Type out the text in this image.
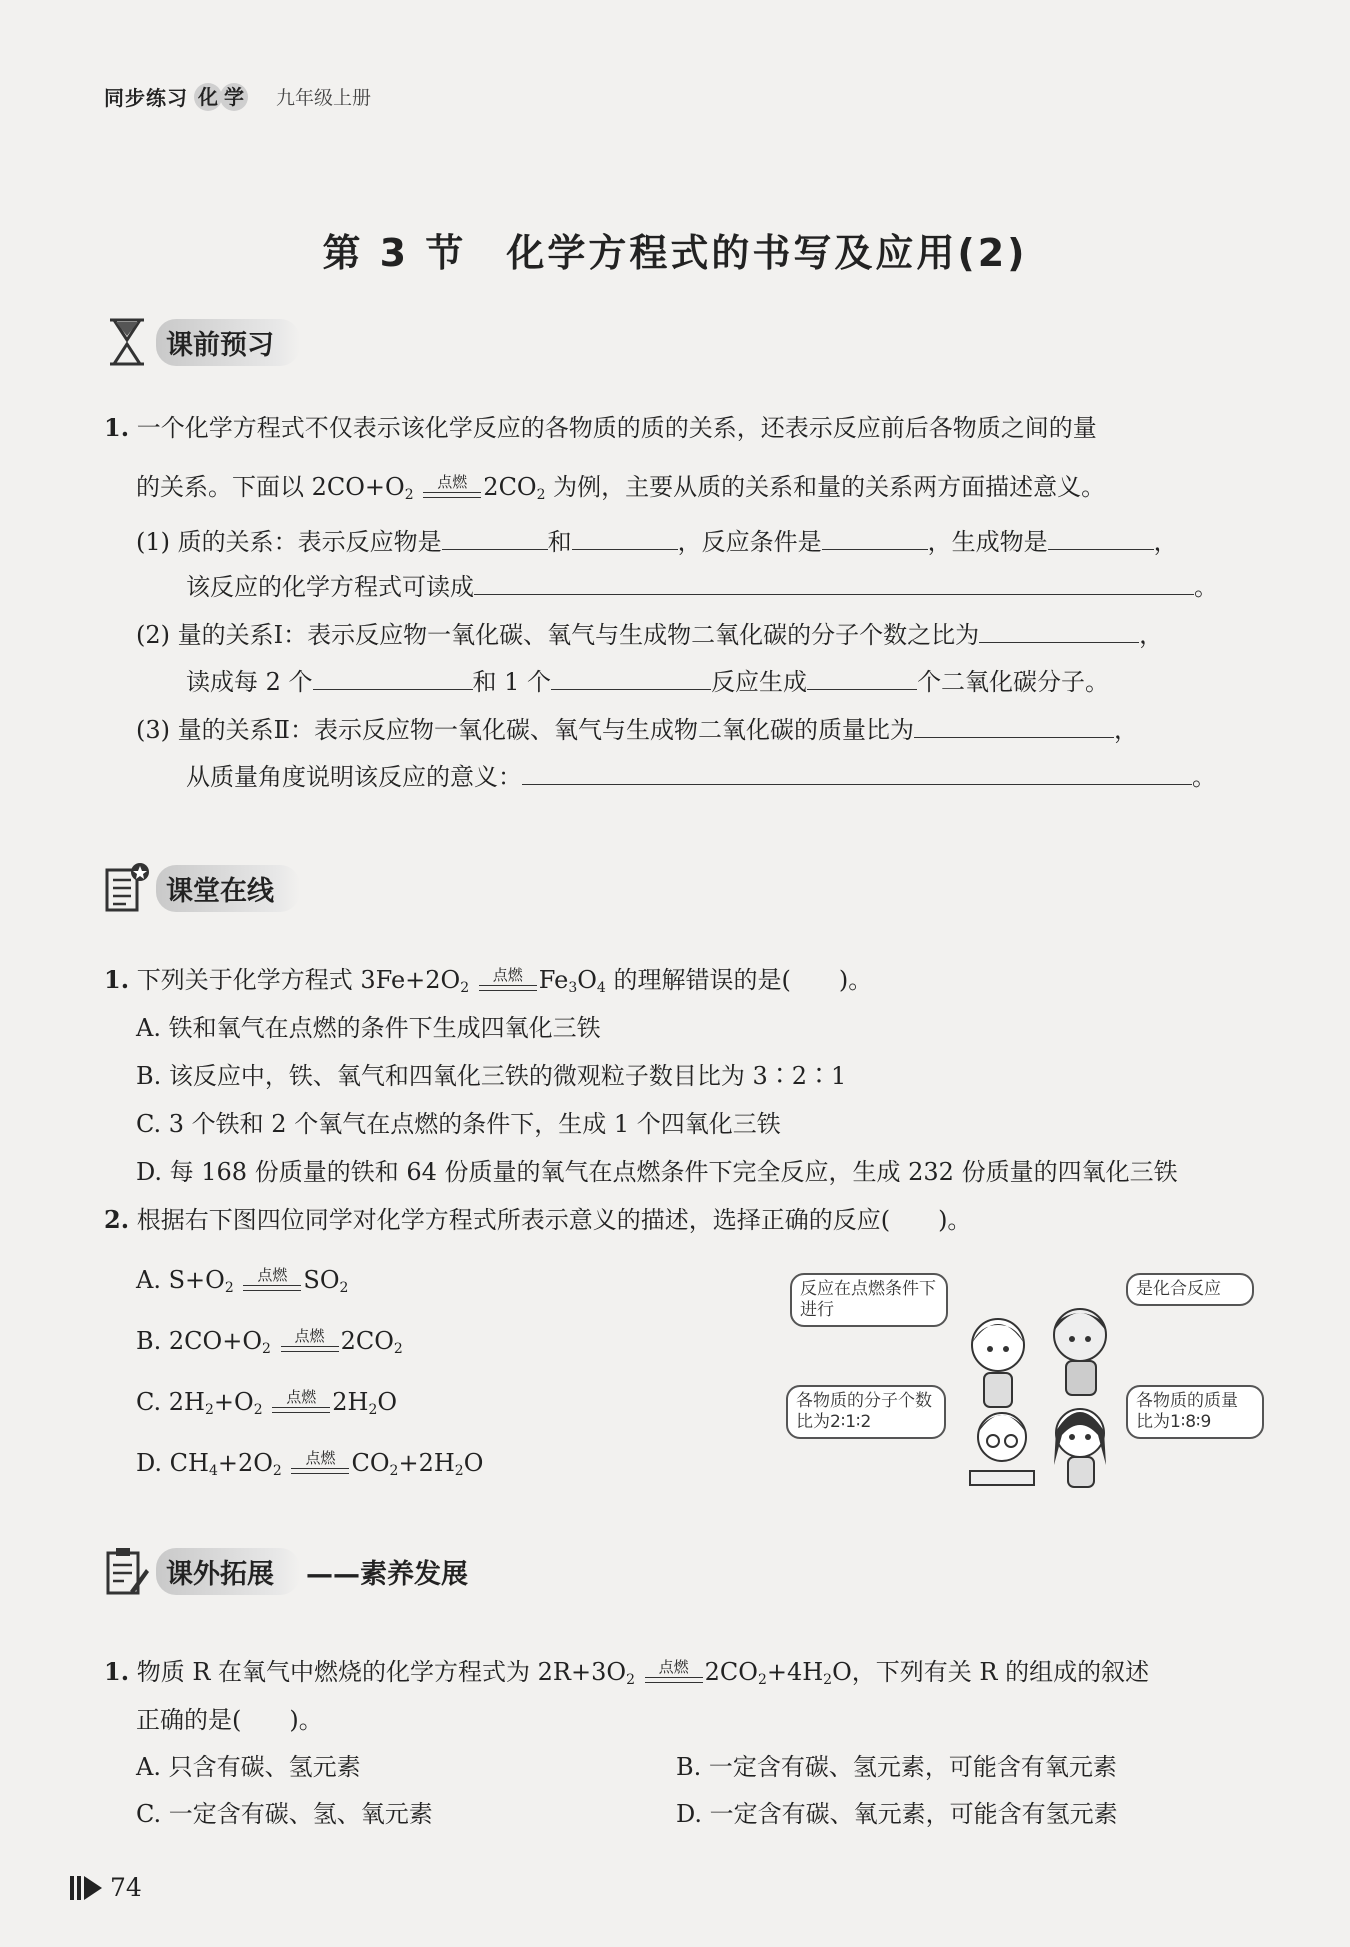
同步练习 化 学 九年级上册
第 3 节 化学方程式的书写及应用(2)
课前预习
1. 一个化学方程式不仅表示该化学反应的各物质的质的关系，还表示反应前后各物质之间的量
的关系。下面以 $2CO+O_2$
点燃 $2CO_2$ 为例，主要从质的关系和量的关系两方面描述意义。
(1) 质的关系：表示反应物是	和	，反应条件是	，生成物是	，
该反应的化学方程式可读成	。
(2) 量的关系Ⅰ：表示反应物一氧化碳、氧气与生成物二氧化碳的分子个数之比为	，
读成每 2 个	和 1 个	反应生成	个二氧化碳分子。
(3) 量的关系Ⅱ：表示反应物一氧化碳、氧气与生成物二氧化碳的质量比为	，
从质量角度说明该反应的意义：	。
课堂在线
1. 下列关于化学方程式 $3Fe+2O_2$
点燃 $Fe_3O_4$ 的理解错误的是(　　)。
A. 铁和氧气在点燃的条件下生成四氧化三铁
B. 该反应中，铁、氧气和四氧化三铁的微观粒子数目比为 3∶2∶1
C. 3 个铁和 2 个氧气在点燃的条件下，生成 1 个四氧化三铁
D. 每 168 份质量的铁和 64 份质量的氧气在点燃条件下完全反应，生成 232 份质量的四氧化三铁
2. 根据右下图四位同学对化学方程式所表示意义的描述，选择正确的反应(　　)。
A. $S+O_2$
点燃 $SO_2$
B. $2CO+O_2$
点燃 $2CO_2$
C. $2H_2+O_2$
点燃 $2H_2O$
D. $CH_4+2O_2$
点燃 $CO_2+2H_2O$
反应在点燃条件下进行
是化合反应
各物质的分子个数比为2∶1∶2
各物质的质量比为1∶8∶9
课外拓展	——素养发展
1. 物质 R 在氧气中燃烧的化学方程式为 $2R+3O_2$
点燃 $2CO_2+4H_2O$，下列有关 R 的组成的叙述
正确的是(　　)。
A. 只含有碳、氢元素	B. 一定含有碳、氢元素，可能含有氧元素
C. 一定含有碳、氢、氧元素	D. 一定含有碳、氧元素，可能含有氢元素
74
